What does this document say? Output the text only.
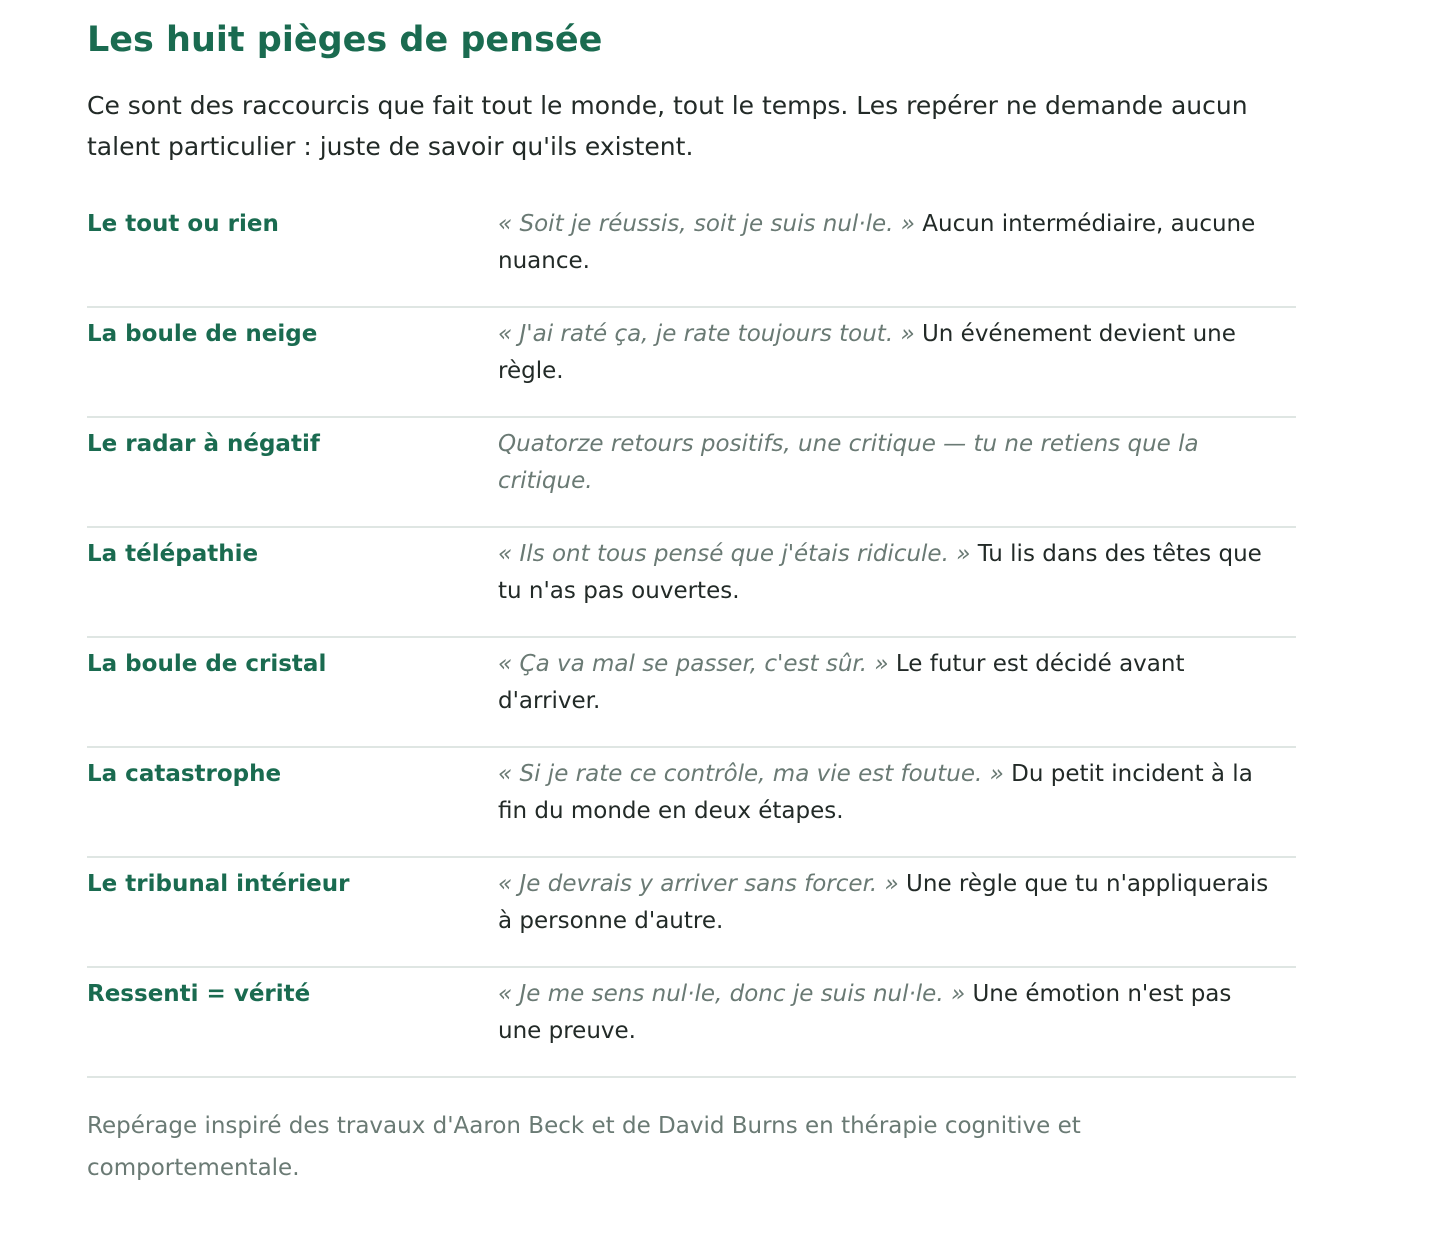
Les huit pièges de pensée

Ce sont des raccourcis que fait tout le monde, tout le temps. Les repérer ne demande aucun talent particulier : juste de savoir qu'ils existent.

Le tout ou rien	« Soit je réussis, soit je suis nul·le. » Aucun intermédiaire, aucune nuance.
La boule de neige	« J'ai raté ça, je rate toujours tout. » Un événement devient une règle.
Le radar à négatif	Quatorze retours positifs, une critique — tu ne retiens que la critique.
La télépathie	« Ils ont tous pensé que j'étais ridicule. » Tu lis dans des têtes que tu n'as pas ouvertes.
La boule de cristal	« Ça va mal se passer, c'est sûr. » Le futur est décidé avant d'arriver.
La catastrophe	« Si je rate ce contrôle, ma vie est foutue. » Du petit incident à la fin du monde en deux étapes.
Le tribunal intérieur	« Je devrais y arriver sans forcer. » Une règle que tu n'appliquerais à personne d'autre.
Ressenti = vérité	« Je me sens nul·le, donc je suis nul·le. » Une émotion n'est pas une preuve.

Repérage inspiré des travaux d'Aaron Beck et de David Burns en thérapie cognitive et comportementale.
